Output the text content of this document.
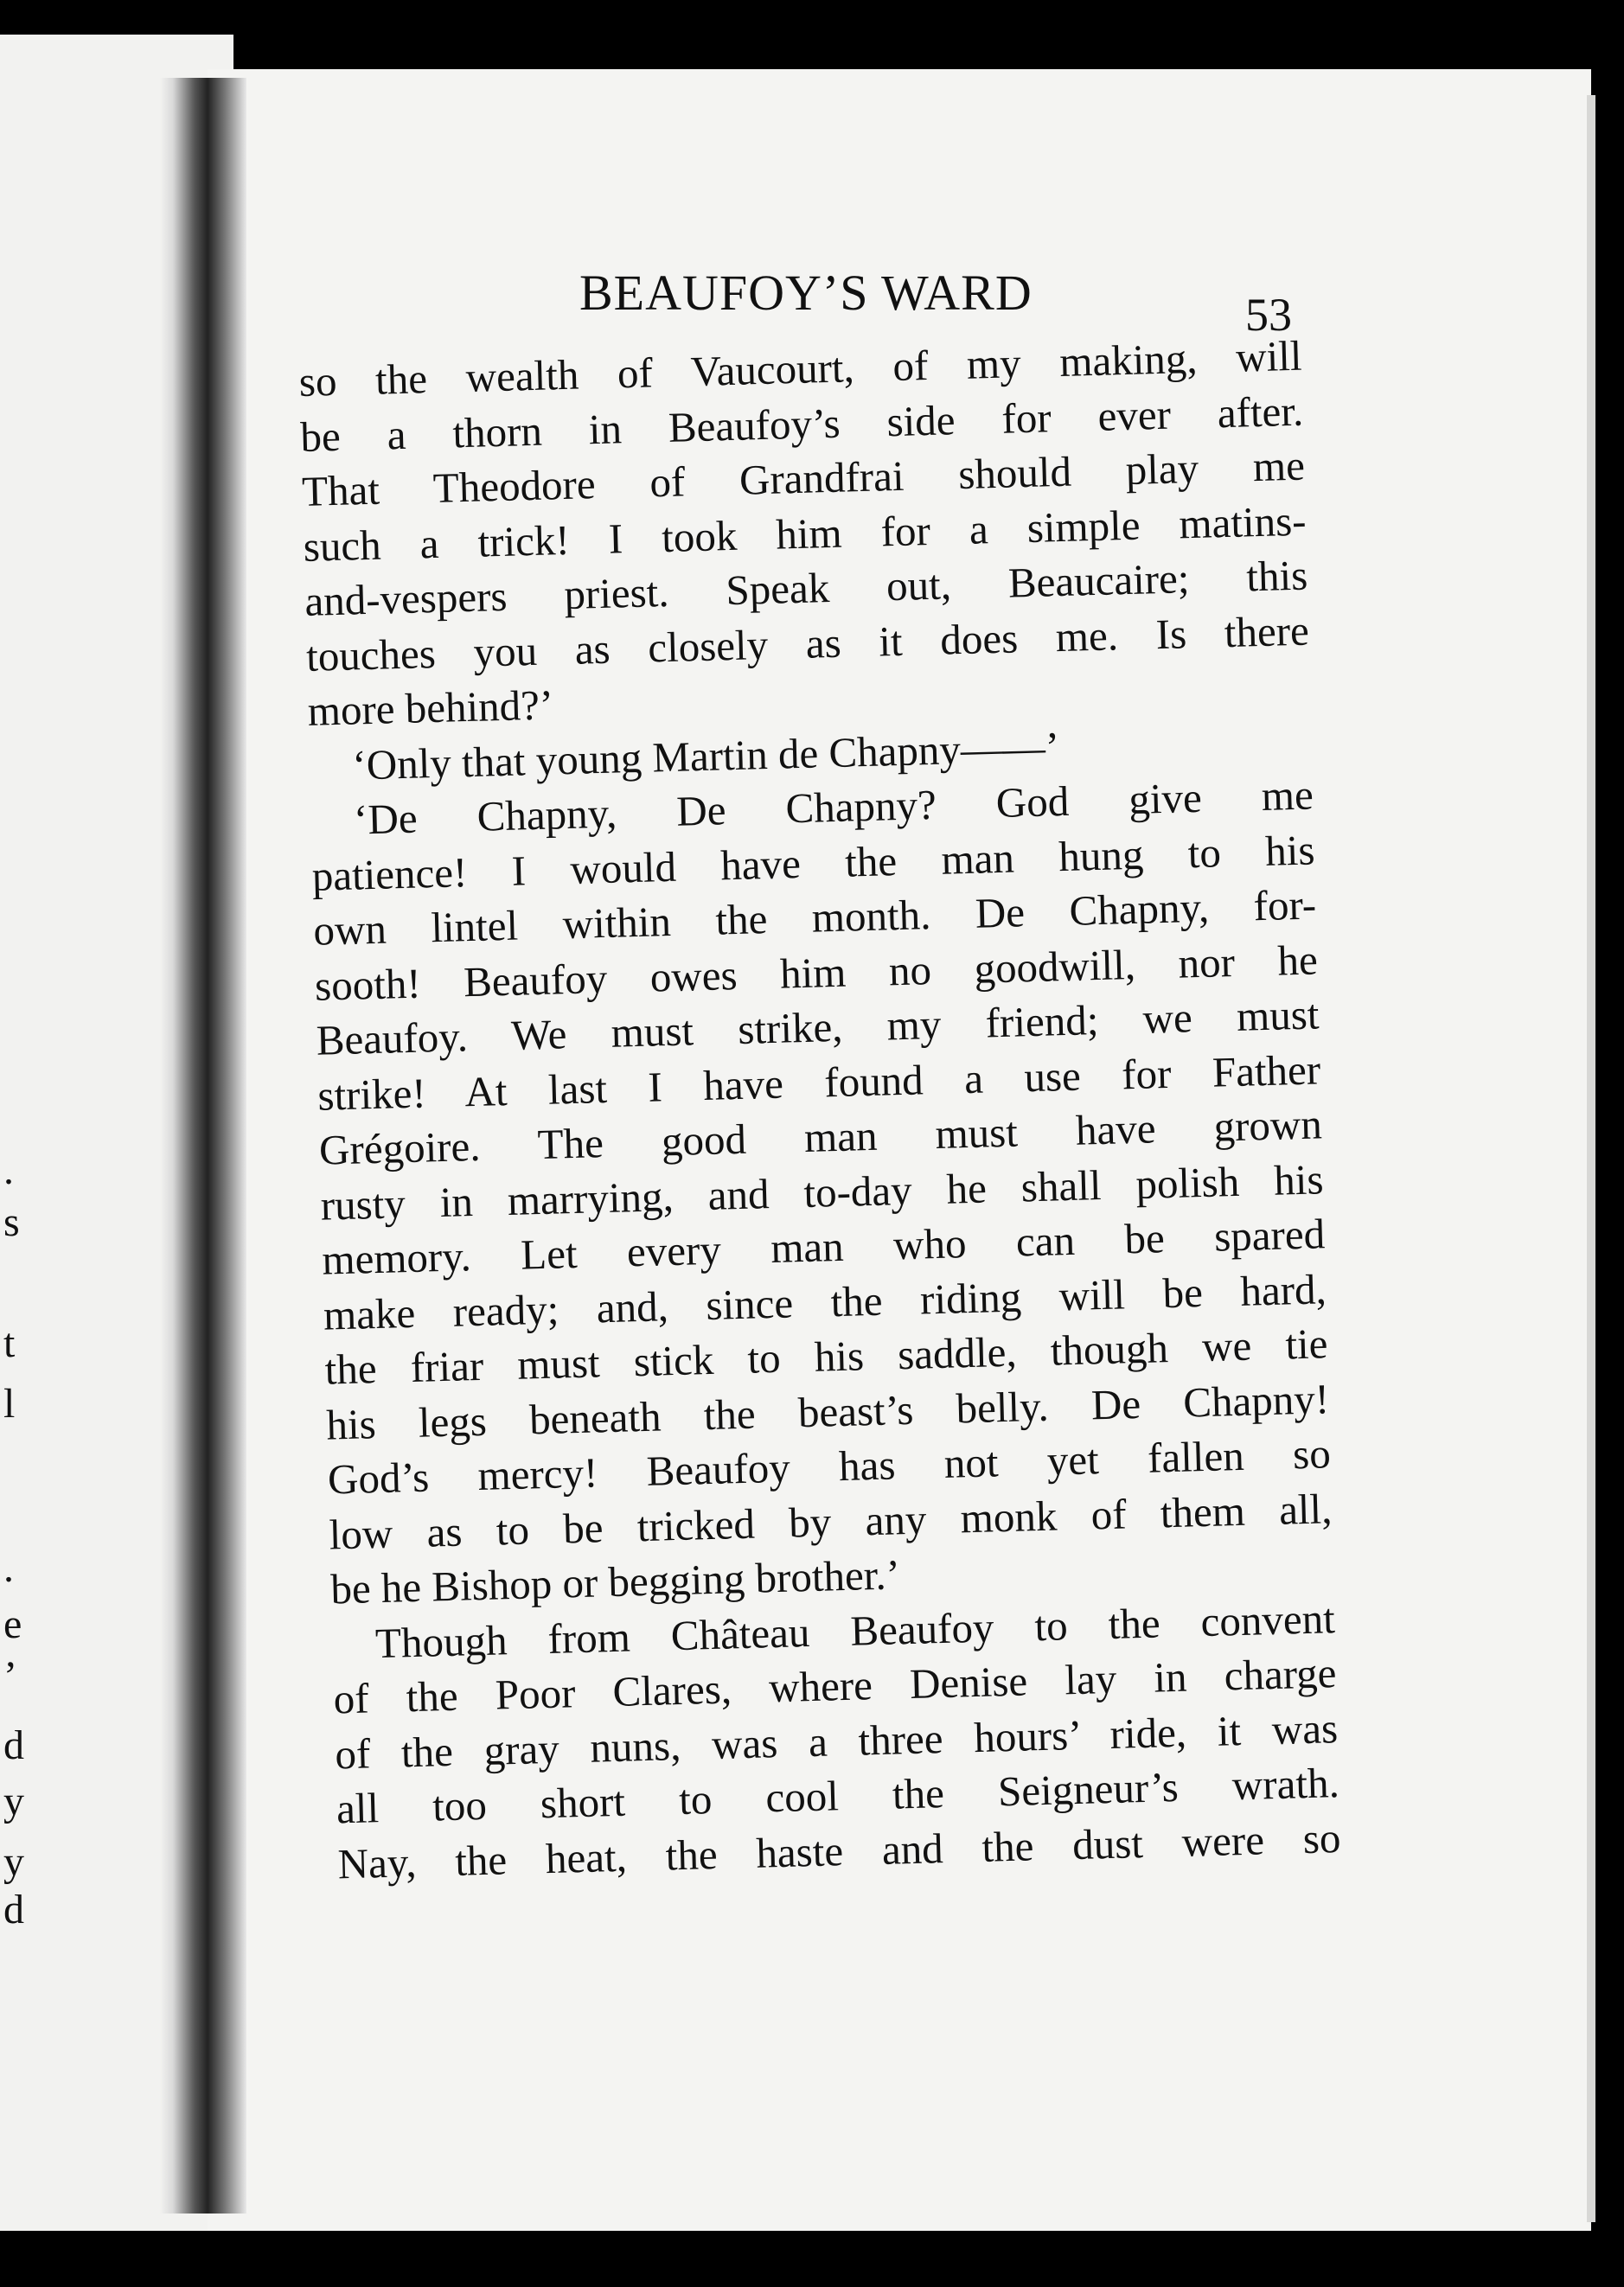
.
s
t
l
.
e
’
d
y
y
d
BEAUFOY’S WARD	53
so the wealth of Vaucourt, of my making, will
be a thorn in Beaufoy’s side for ever after.
That Theodore of Grandfrai should play me
such a trick! I took him for a simple matins-
and-vespers priest. Speak out, Beaucaire; this
touches you as closely as it does me. Is there
more behind?’
‘Only that young Martin de Chapny——’
‘De Chapny, De Chapny? God give me
patience! I would have the man hung to his
own lintel within the month. De Chapny, for-
sooth! Beaufoy owes him no goodwill, nor he
Beaufoy. We must strike, my friend; we must
strike! At last I have found a use for Father
Grégoire. The good man must have grown
rusty in marrying, and to-day he shall polish his
memory. Let every man who can be spared
make ready; and, since the riding will be hard,
the friar must stick to his saddle, though we tie
his legs beneath the beast’s belly. De Chapny!
God’s mercy! Beaufoy has not yet fallen so
low as to be tricked by any monk of them all,
be he Bishop or begging brother.’
Though from Château Beaufoy to the convent
of the Poor Clares, where Denise lay in charge
of the gray nuns, was a three hours’ ride, it was
all too short to cool the Seigneur’s wrath.
Nay, the heat, the haste and the dust were so
